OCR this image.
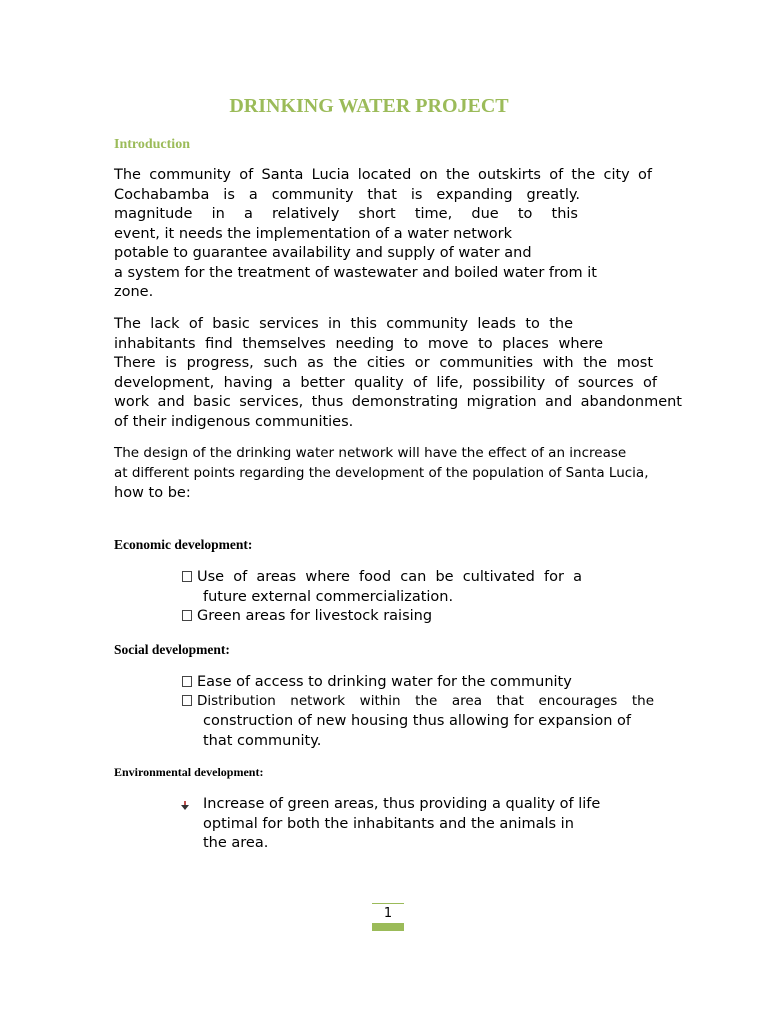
DRINKING WATER PROJECT
Introduction
The community of Santa Lucia located on the outskirts of the city of
Cochabamba is a community that is expanding greatly.
magnitude in a relatively short time, due to this
event, it needs the implementation of a water network
potable to guarantee availability and supply of water and
a system for the treatment of wastewater and boiled water from it
zone.
The lack of basic services in this community leads to the
inhabitants find themselves needing to move to places where
There is progress, such as the cities or communities with the most
development, having a better quality of life, possibility of sources of
work and basic services, thus demonstrating migration and abandonment
of their indigenous communities.
The design of the drinking water network will have the effect of an increase
at different points regarding the development of the population of Santa Lucia,
how to be:
Economic development:
Use of areas where food can be cultivated for a
future external commercialization.
Green areas for livestock raising
Social development:
Ease of access to drinking water for the community
Distribution network within the area that encourages the
construction of new housing thus allowing for expansion of
that community.
Environmental development:
Increase of green areas, thus providing a quality of life
optimal for both the inhabitants and the animals in
the area.
1
